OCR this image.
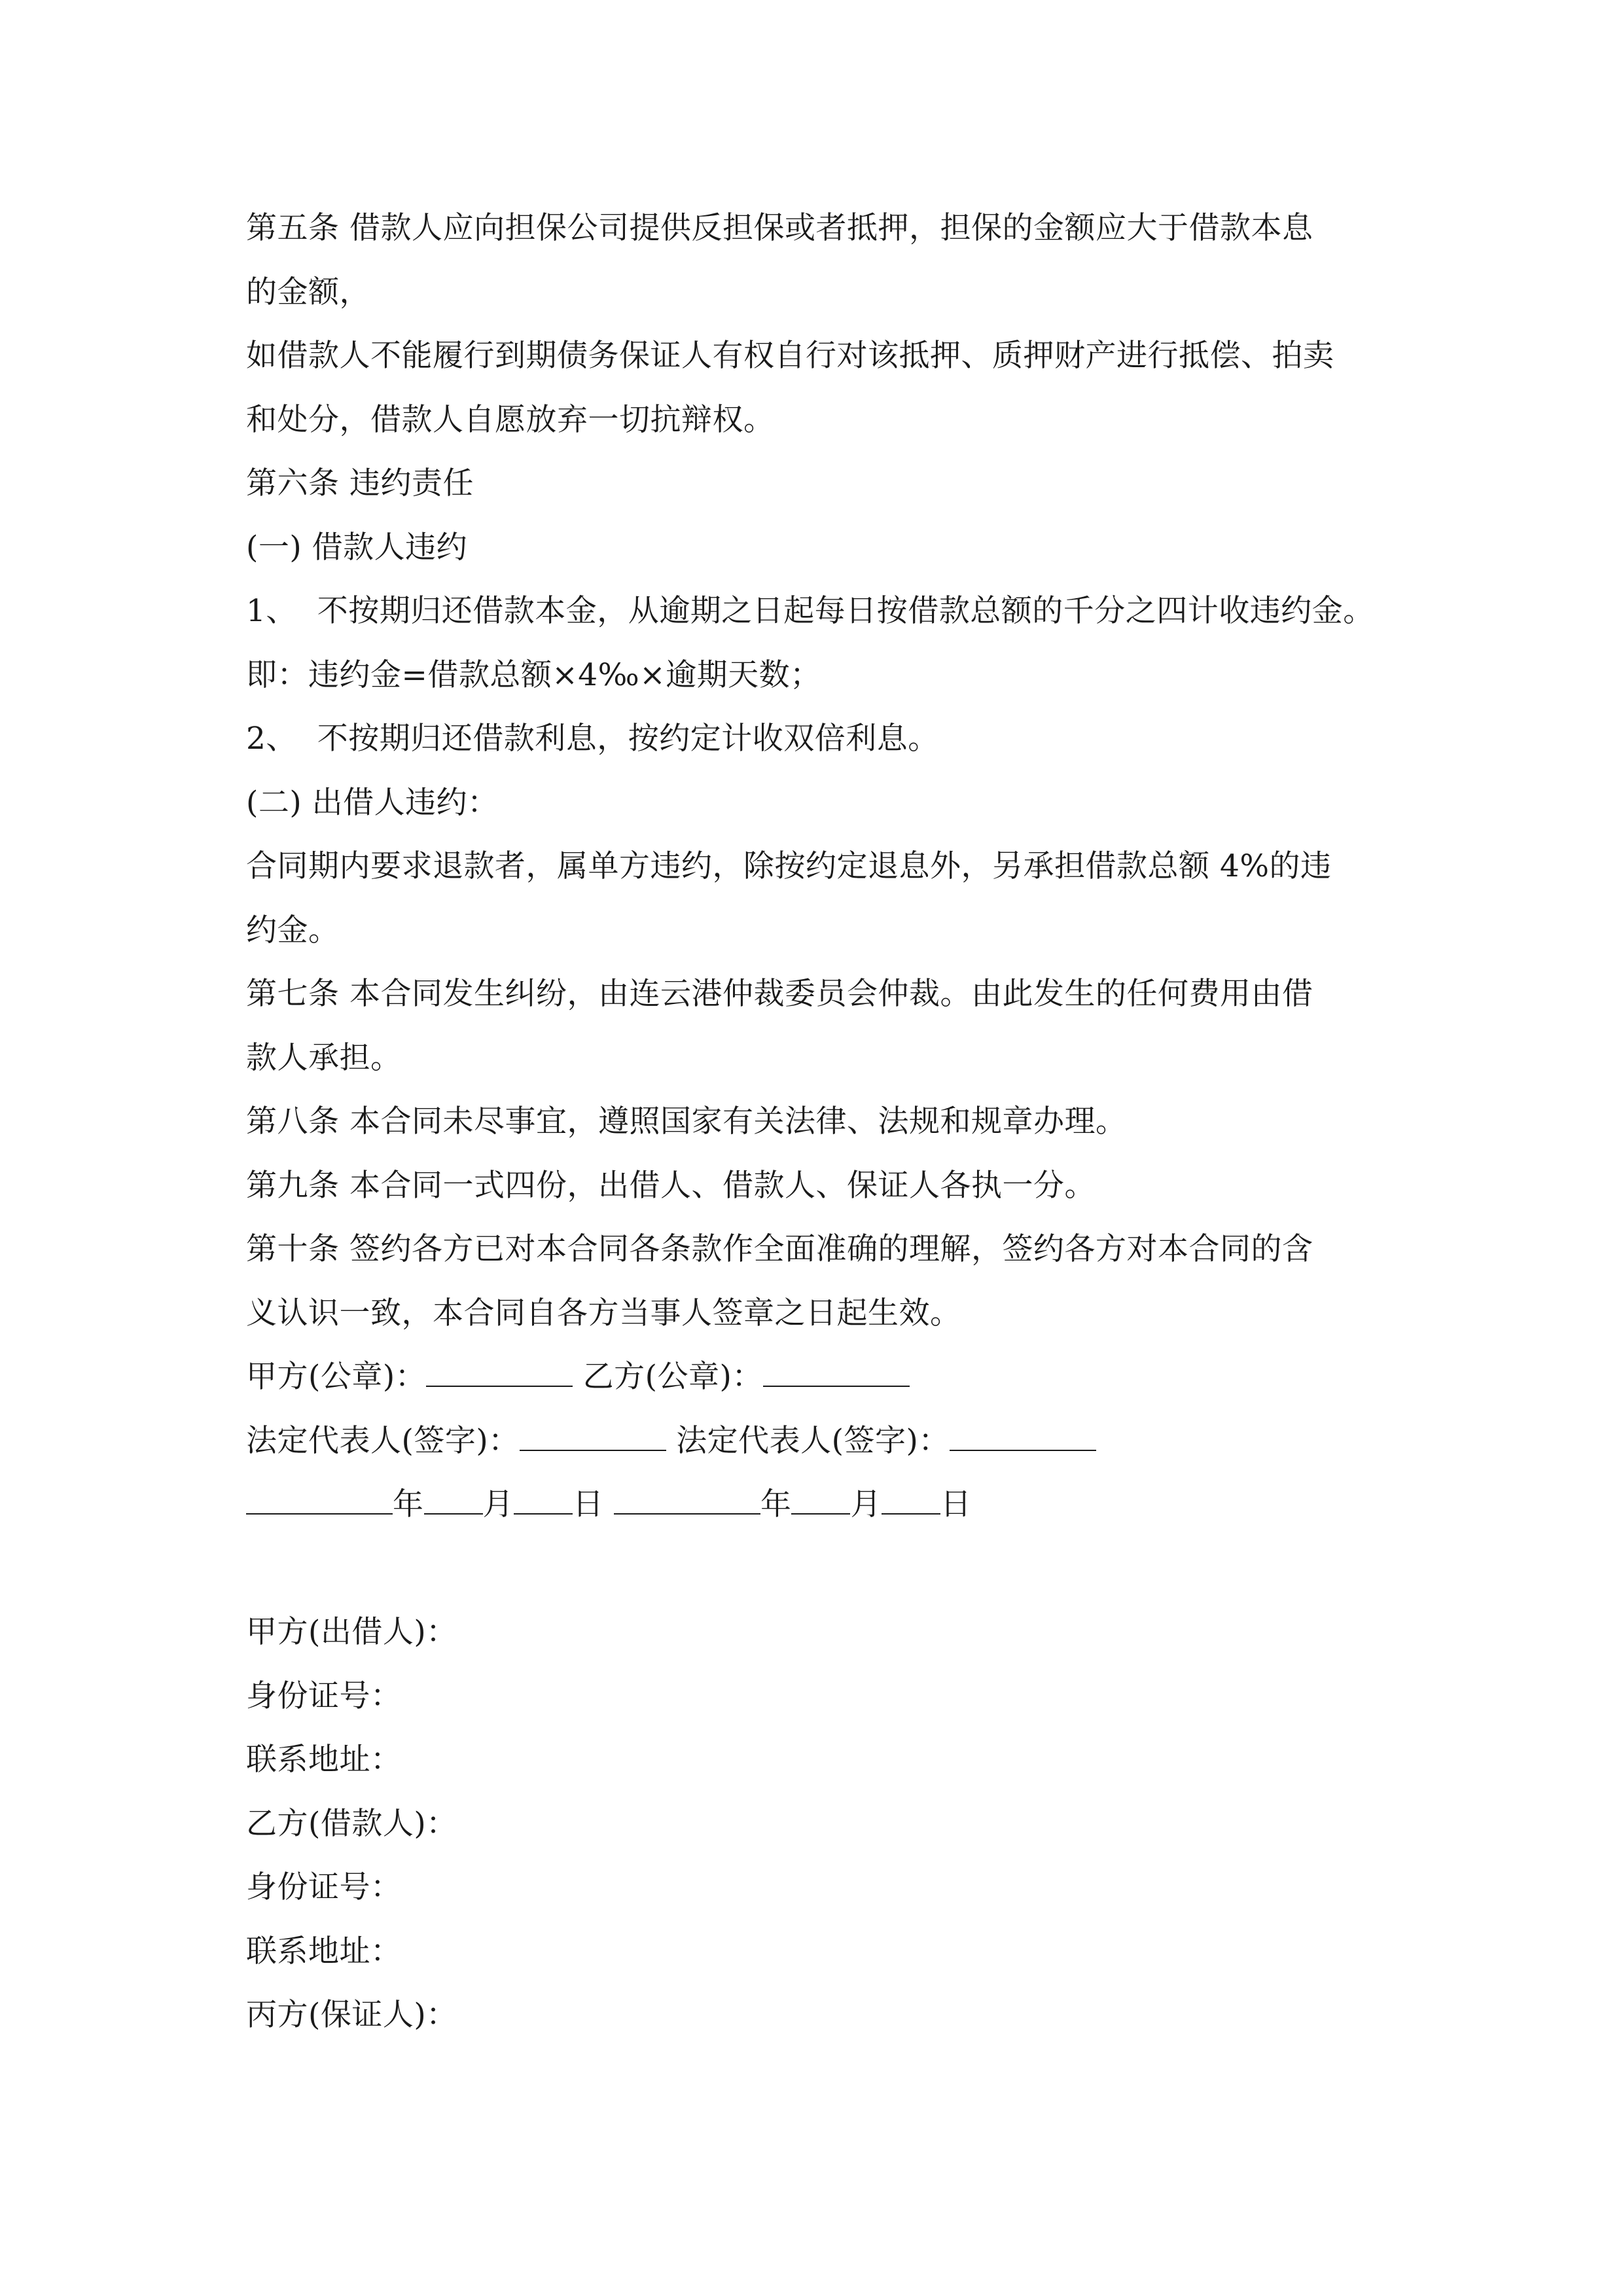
第五条 借款人应向担保公司提供反担保或者抵押，担保的金额应大于借款本息
的金额，
如借款人不能履行到期债务保证人有权自行对该抵押、质押财产进行抵偿、拍卖
和处分，借款人自愿放弃一切抗辩权。
第六条 违约责任
(一) 借款人违约
1、  不按期归还借款本金，从逾期之日起每日按借款总额的千分之四计收违约金。
即：违约金=借款总额×4‰×逾期天数；
2、  不按期归还借款利息，按约定计收双倍利息。
(二) 出借人违约：
合同期内要求退款者，属单方违约，除按约定退息外，另承担借款总额 4%的违
约金。
第七条 本合同发生纠纷，由连云港仲裁委员会仲裁。由此发生的任何费用由借
款人承担。
第八条 本合同未尽事宜，遵照国家有关法律、法规和规章办理。
第九条 本合同一式四份，出借人、借款人、保证人各执一分。
第十条 签约各方已对本合同各条款作全面准确的理解，签约各方对本合同的含
义认识一致，本合同自各方当事人签章之日起生效。
甲方(公章)：	乙方(公章)：
法定代表人(签字)：	法定代表人(签字)：
年 月 日	年 月 日
甲方(出借人)：
身份证号：
联系地址：
乙方(借款人)：
身份证号：
联系地址：
丙方(保证人)：
